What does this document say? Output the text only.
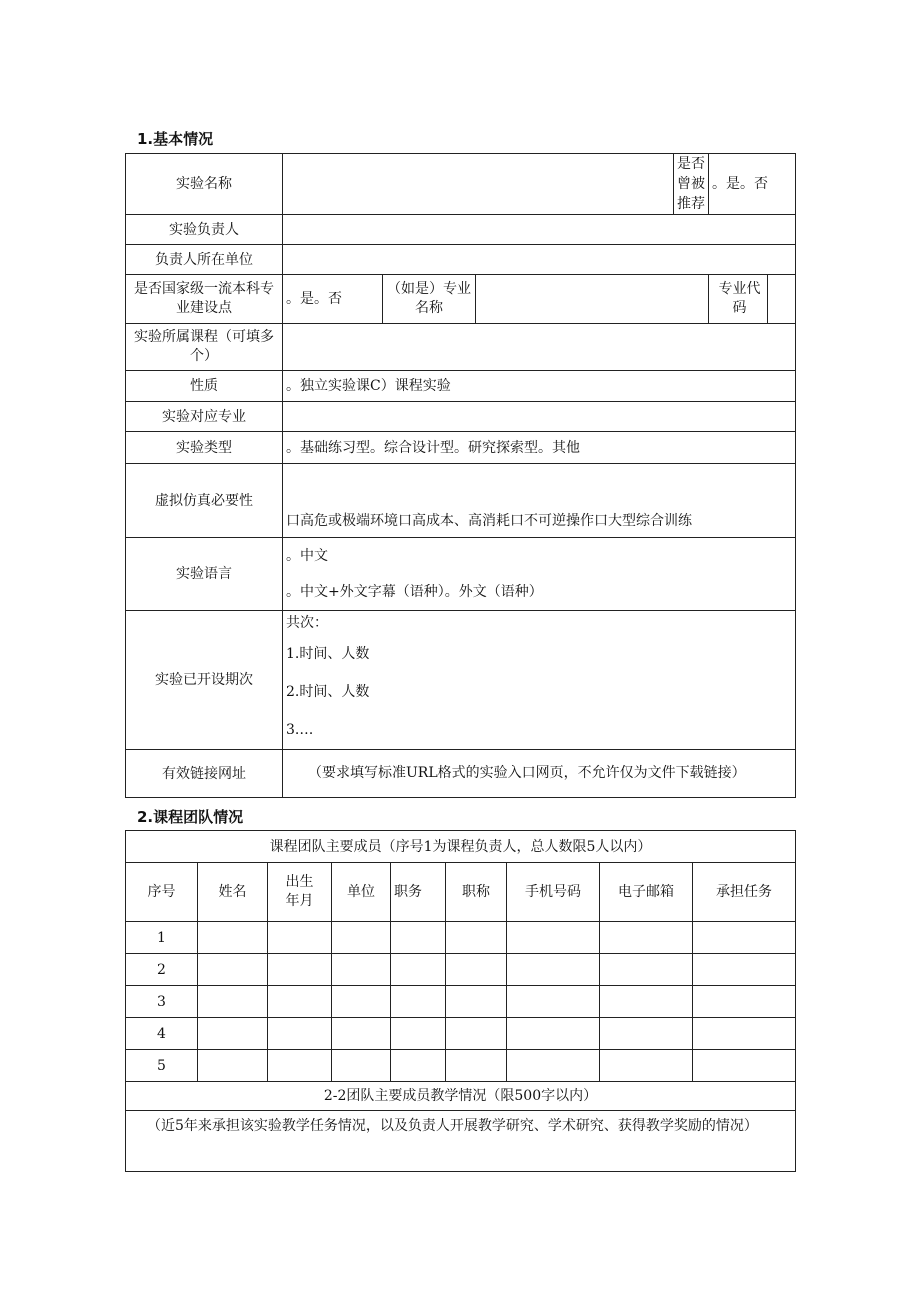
1.基本情况
实验名称				是否曾被推荐	。是。否
实验负责人					
负责人所在单位					
是否国家级一流本科专业建设点	。是。否	（如是）专业名称			专业代码

实验所属课程（可填多个）					
性质	。独立实验课C）课程实验				
实验对应专业					
实验类型	。基础练习型。综合设计型。研究探索型。其他				
虚拟仿真必要性	口高危或极端环境口高成本、高消耗口不可逆操作口大型综合训练				
实验语言	。中文
。中文+外文字幕（语种）。外文（语种）				

实验已开设期次	共次：
1.时间、人数
2.时间、人数
3.…				

有效链接网址	（要求填写标准URL格式的实验入口网页，不允许仅为文件下载链接）				
2.课程团队情况
课程团队主要成员（序号1为课程负责人，总人数限5人以内）								
序号	姓名	出生年月	单位	职务	职称	手机号码	电子邮箱	承担任务
1								
2								
3								
4								
5								
2-2团队主要成员教学情况（限500字以内）								
（近5年来承担该实验教学任务情况，以及负责人开展教学研究、学术研究、获得教学奖励的情况）								
